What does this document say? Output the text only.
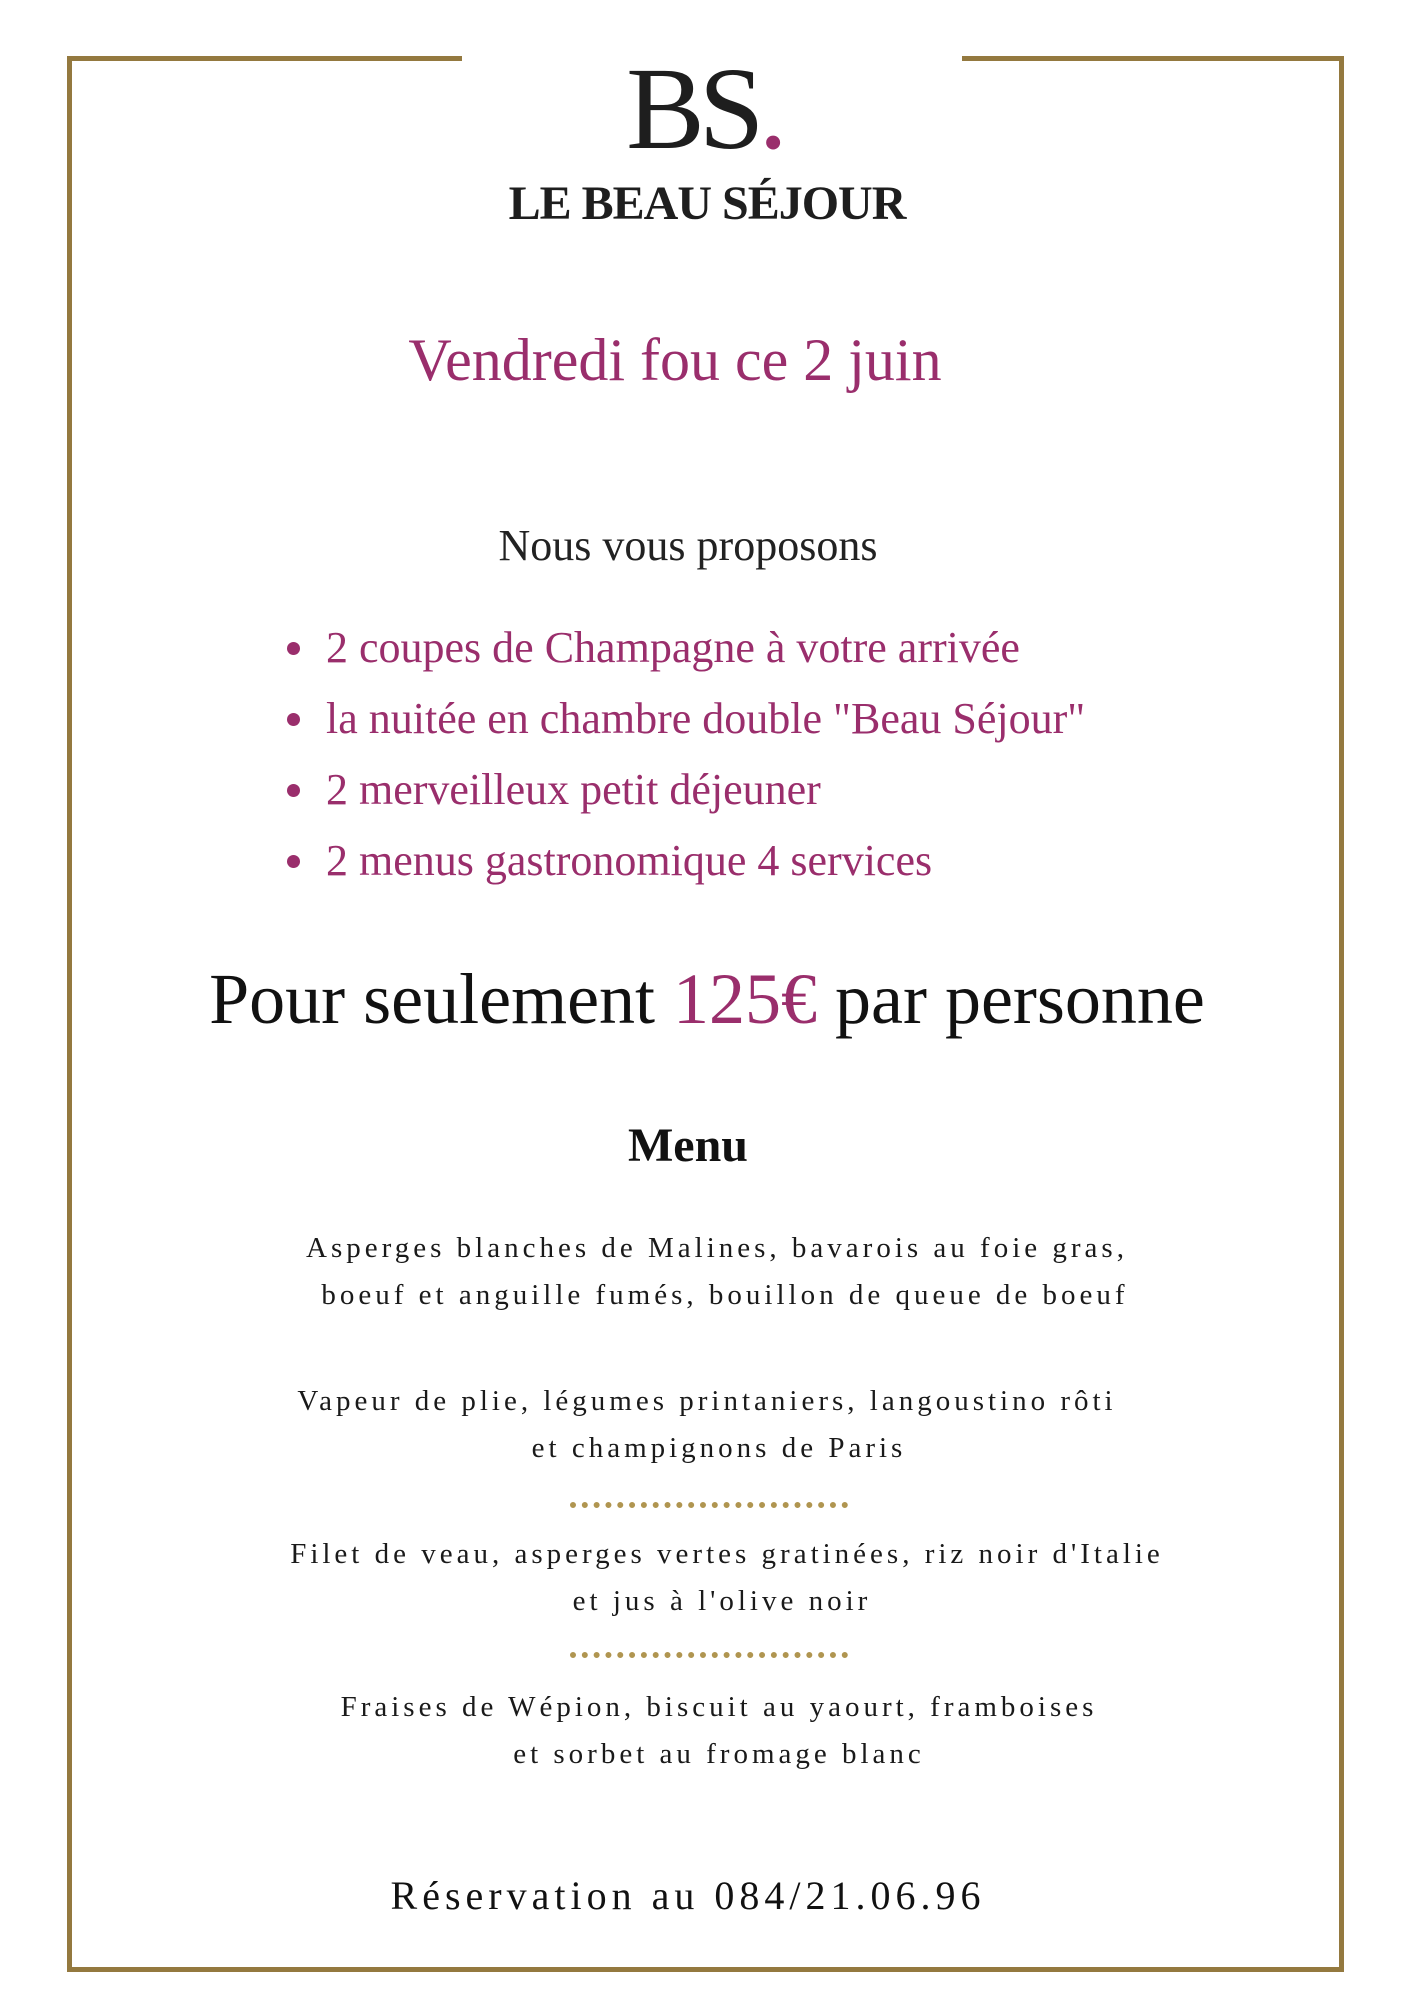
BS.
LE BEAU SÉJOUR
Vendredi fou ce 2 juin
Nous vous proposons
2 coupes de Champagne à votre arrivée
la nuitée en chambre double "Beau Séjour"
2 merveilleux petit déjeuner
2 menus gastronomique 4 services
Pour seulement 125€ par personne
Menu
Asperges blanches de Malines, bavarois au foie gras,
boeuf et anguille fumés, bouillon de queue de boeuf
Vapeur de plie, légumes printaniers, langoustino rôti
et champignons de Paris
Filet de veau, asperges vertes gratinées, riz noir d'Italie
et jus à l'olive noir
Fraises de Wépion, biscuit au yaourt, framboises
et sorbet au fromage blanc
Réservation au 084/21.06.96
